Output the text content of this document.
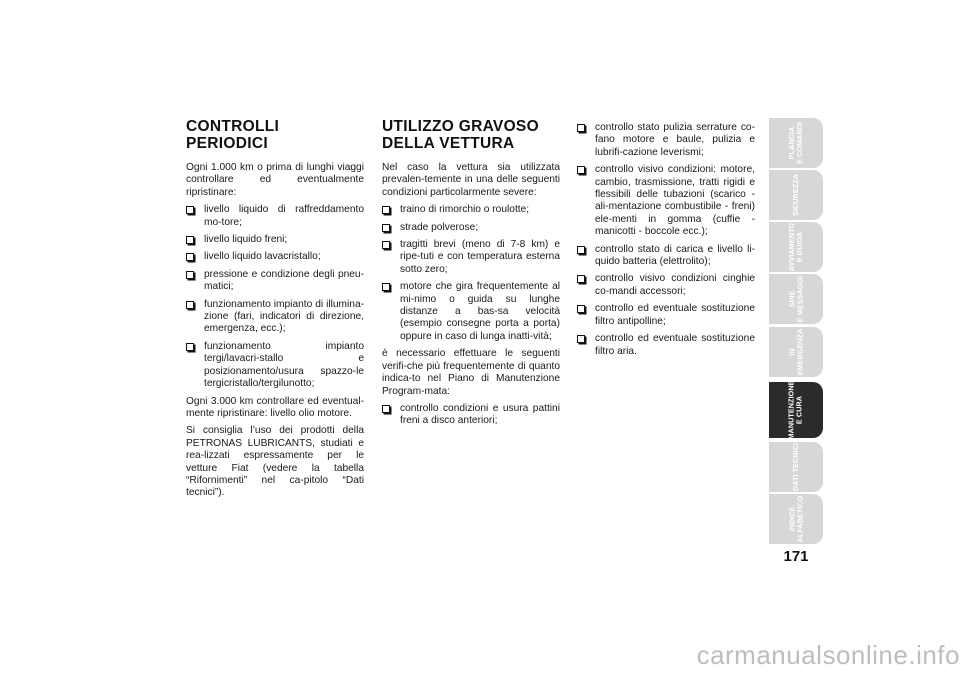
CONTROLLI
PERIODICI

Ogni 1.000 km o prima di lunghi viaggi controllare ed eventualmente ripristinare:

livello liquido di raffreddamento mo-tore;
livello liquido freni;
livello liquido lavacristallo;
pressione e condizione degli pneu-matici;
funzionamento impianto di illumina-zione (fari, indicatori di direzione, emergenza, ecc.);
funzionamento impianto tergi/lavacri-stallo e posizionamento/usura spazzo-le tergicristallo/tergilunotto;

Ogni 3.000 km controllare ed eventual-mente ripristinare: livello olio motore.

Si consiglia l’uso dei prodotti della PETRONAS LUBRICANTS, studiati e rea-lizzati espressamente per le vetture Fiat (vedere la tabella “Rifornimenti” nel ca-pitolo “Dati tecnici”).

UTILIZZO GRAVOSO
DELLA VETTURA

Nel caso la vettura sia utilizzata prevalen-temente in una delle seguenti condizioni particolarmente severe:

traino di rimorchio o roulotte;
strade polverose;
tragitti brevi (meno di 7-8 km) e ripe-tuti e con temperatura esterna sotto zero;
motore che gira frequentemente al mi-nimo o guida su lunghe distanze a bas-sa velocità (esempio consegne porta a porta) oppure in caso di lunga inatti-vità;

è necessario effettuare le seguenti verifi-che più frequentemente di quanto indica-to nel Piano di Manutenzione Program-mata:

controllo condizioni e usura pattini freni a disco anteriori;
controllo stato pulizia serrature co-fano motore e baule, pulizia e lubrifi-cazione leverismi;
controllo visivo condizioni: motore, cambio, trasmissione, tratti rigidi e flessibili delle tubazioni (scarico - ali-mentazione combustibile - freni) ele-menti in gomma (cuffie - manicotti - boccole ecc.);
controllo stato di carica e livello li-quido batteria (elettrolito);
controllo visivo condizioni cinghie co-mandi accessori;
controllo ed eventuale sostituzione filtro antipolline;
controllo ed eventuale sostituzione filtro aria.
PLANCIA
E COMANDI
SICUREZZA
AVVIAMENTO
E GUIDA
SPIE
E MESSAGGI
IN
EMERGENZA
MANUTENZIONE
E CURA
DATI TECNICI
INDICE
ALFABETICO
171
carmanualsonline.info
